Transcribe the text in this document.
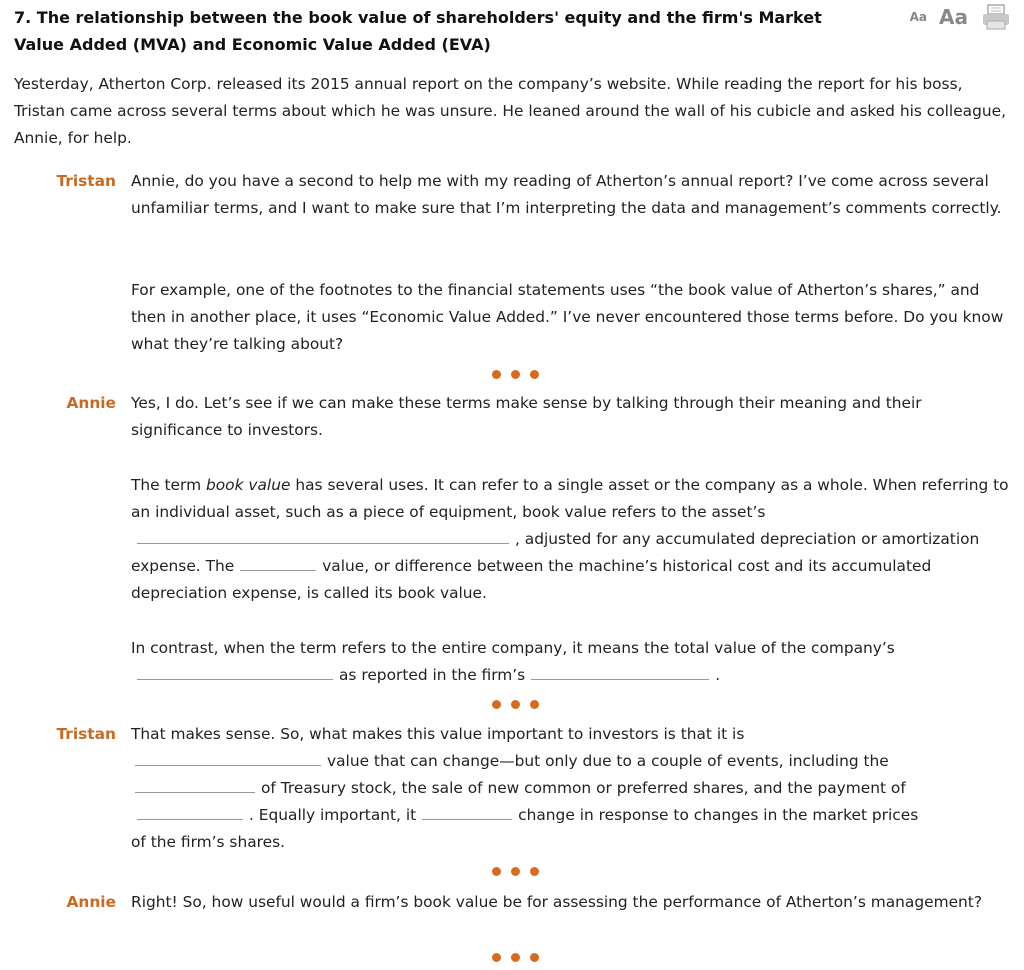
7. The relationship between the book value of shareholders' equity and the firm's Market Value Added (MVA) and Economic Value Added (EVA)
Aa Aa
Yesterday, Atherton Corp. released its 2015 annual report on the company’s website. While reading the report for his boss, Tristan came across several terms about which he was unsure. He leaned around the wall of his cubicle and asked his colleague, Annie, for help.
Tristan Annie, do you have a second to help me with my reading of Atherton’s annual report? I’ve come across several unfamiliar terms, and I want to make sure that I’m interpreting the data and management’s comments correctly.
For example, one of the footnotes to the financial statements uses “the book value of Atherton’s shares,” and then in another place, it uses “Economic Value Added.” I’ve never encountered those terms before. Do you know what they’re talking about?
Annie Yes, I do. Let’s see if we can make these terms make sense by talking through their meaning and their significance to investors.
The term book value has several uses. It can refer to a single asset or the company as a whole. When referring to an individual asset, such as a piece of equipment, book value refers to the asset’s, adjusted for any accumulated depreciation or amortization expense. The	value, or difference between the machine’s historical cost and its accumulated depreciation expense, is called its book value.
In contrast, when the term refers to the entire company, it means the total value of the company’sas reported in the firm’s	.
Tristan That makes sense. So, what makes this value important to investors is that it isvalue that can change—but only due to a couple of events, including theof Treasury stock, the sale of new common or preferred shares, and the payment of. Equally important, it	change in response to changes in the market prices of the firm’s shares.
Annie Right! So, how useful would a firm’s book value be for assessing the performance of Atherton’s management?
